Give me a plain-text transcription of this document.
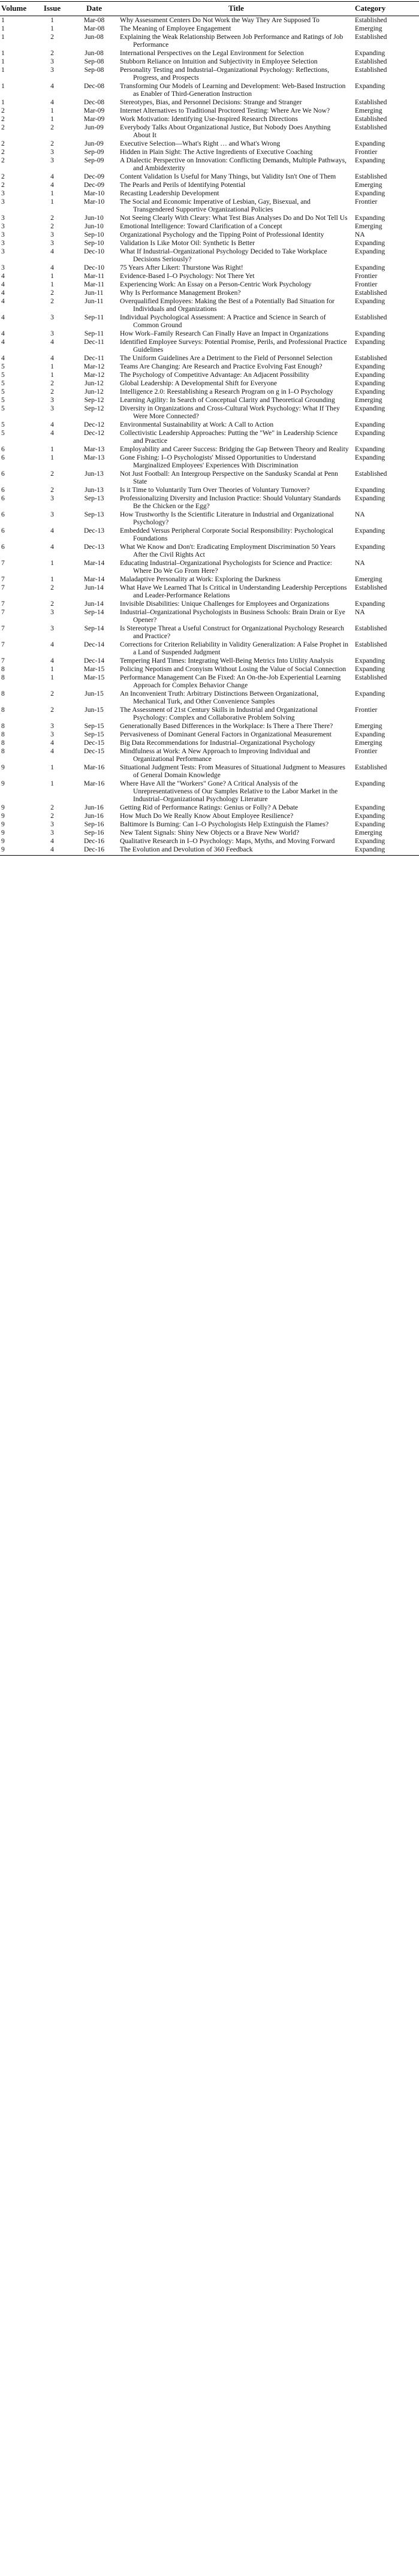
Volume	Issue	Date	Title	Category
1	1	Mar-08	Why Assessment Centers Do Not Work the Way They Are Supposed To	Established
1	1	Mar-08	The Meaning of Employee Engagement	Emerging
1	2	Jun-08	Explaining the Weak Relationship Between Job Performance and Ratings of Job Performance	Established
1	2	Jun-08	International Perspectives on the Legal Environment for Selection	Expanding
1	3	Sep-08	Stubborn Reliance on Intuition and Subjectivity in Employee Selection	Established
1	3	Sep-08	Personality Testing and Industrial–Organizational Psychology: Reflections, Progress, and Prospects	Established
1	4	Dec-08	Transforming Our Models of Learning and Development: Web-Based Instruction as Enabler of Third-Generation Instruction	Expanding
1	4	Dec-08	Stereotypes, Bias, and Personnel Decisions: Strange and Stranger	Established
2	1	Mar-09	Internet Alternatives to Traditional Proctored Testing: Where Are We Now?	Emerging
2	1	Mar-09	Work Motivation: Identifying Use-Inspired Research Directions	Established
2	2	Jun-09	Everybody Talks About Organizational Justice, But Nobody Does Anything About It	Established
2	2	Jun-09	Executive Selection—What's Right … and What's Wrong	Expanding
2	3	Sep-09	Hidden in Plain Sight: The Active Ingredients of Executive Coaching	Frontier
2	3	Sep-09	A Dialectic Perspective on Innovation: Conflicting Demands, Multiple Pathways, and Ambidexterity	Expanding
2	4	Dec-09	Content Validation Is Useful for Many Things, but Validity Isn't One of Them	Established
2	4	Dec-09	The Pearls and Perils of Identifying Potential	Emerging
3	1	Mar-10	Recasting Leadership Development	Expanding
3	1	Mar-10	The Social and Economic Imperative of Lesbian, Gay, Bisexual, and Transgendered Supportive Organizational Policies	Frontier
3	2	Jun-10	Not Seeing Clearly With Cleary: What Test Bias Analyses Do and Do Not Tell Us	Expanding
3	2	Jun-10	Emotional Intelligence: Toward Clarification of a Concept	Emerging
3	3	Sep-10	Organizational Psychology and the Tipping Point of Professional Identity	NA
3	3	Sep-10	Validation Is Like Motor Oil: Synthetic Is Better	Expanding
3	4	Dec-10	What If Industrial–Organizational Psychology Decided to Take Workplace Decisions Seriously?	Expanding
3	4	Dec-10	75 Years After Likert: Thurstone Was Right!	Expanding
4	1	Mar-11	Evidence-Based I–O Psychology: Not There Yet	Frontier
4	1	Mar-11	Experiencing Work: An Essay on a Person-Centric Work Psychology	Frontier
4	2	Jun-11	Why Is Performance Management Broken?	Established
4	2	Jun-11	Overqualified Employees: Making the Best of a Potentially Bad Situation for Individuals and Organizations	Expanding
4	3	Sep-11	Individual Psychological Assessment: A Practice and Science in Search of Common Ground	Established
4	3	Sep-11	How Work–Family Research Can Finally Have an Impact in Organizations	Expanding
4	4	Dec-11	Identified Employee Surveys: Potential Promise, Perils, and Professional Practice Guidelines	Expanding
4	4	Dec-11	The Uniform Guidelines Are a Detriment to the Field of Personnel Selection	Established
5	1	Mar-12	Teams Are Changing: Are Research and Practice Evolving Fast Enough?	Expanding
5	1	Mar-12	The Psychology of Competitive Advantage: An Adjacent Possibility	Expanding
5	2	Jun-12	Global Leadership: A Developmental Shift for Everyone	Expanding
5	2	Jun-12	Intelligence 2.0: Reestablishing a Research Program on g in I–O Psychology	Expanding
5	3	Sep-12	Learning Agility: In Search of Conceptual Clarity and Theoretical Grounding	Emerging
5	3	Sep-12	Diversity in Organizations and Cross-Cultural Work Psychology: What If They Were More Connected?	Expanding
5	4	Dec-12	Environmental Sustainability at Work: A Call to Action	Expanding
5	4	Dec-12	Collectivistic Leadership Approaches: Putting the "We" in Leadership Science and Practice	Expanding
6	1	Mar-13	Employability and Career Success: Bridging the Gap Between Theory and Reality	Expanding
6	1	Mar-13	Gone Fishing: I–O Psychologists' Missed Opportunities to Understand Marginalized Employees' Experiences With Discrimination	Expanding
6	2	Jun-13	Not Just Football: An Intergroup Perspective on the Sandusky Scandal at Penn State	Established
6	2	Jun-13	Is it Time to Voluntarily Turn Over Theories of Voluntary Turnover?	Expanding
6	3	Sep-13	Professionalizing Diversity and Inclusion Practice: Should Voluntary Standards Be the Chicken or the Egg?	Expanding
6	3	Sep-13	How Trustworthy Is the Scientific Literature in Industrial and Organizational Psychology?	NA
6	4	Dec-13	Embedded Versus Peripheral Corporate Social Responsibility: Psychological Foundations	Expanding
6	4	Dec-13	What We Know and Don't: Eradicating Employment Discrimination 50 Years After the Civil Rights Act	Expanding
7	1	Mar-14	Educating Industrial–Organizational Psychologists for Science and Practice: Where Do We Go From Here?	NA
7	1	Mar-14	Maladaptive Personality at Work: Exploring the Darkness	Emerging
7	2	Jun-14	What Have We Learned That Is Critical in Understanding Leadership Perceptions and Leader-Performance Relations	Established
7	2	Jun-14	Invisible Disabilities: Unique Challenges for Employees and Organizations	Expanding
7	3	Sep-14	Industrial–Organizational Psychologists in Business Schools: Brain Drain or Eye Opener?	NA
7	3	Sep-14	Is Stereotype Threat a Useful Construct for Organizational Psychology Research and Practice?	Established
7	4	Dec-14	Corrections for Criterion Reliability in Validity Generalization: A False Prophet in a Land of Suspended Judgment	Established
7	4	Dec-14	Tempering Hard Times: Integrating Well-Being Metrics Into Utility Analysis	Expanding
8	1	Mar-15	Policing Nepotism and Cronyism Without Losing the Value of Social Connection	Expanding
8	1	Mar-15	Performance Management Can Be Fixed: An On-the-Job Experiential Learning Approach for Complex Behavior Change	Established
8	2	Jun-15	An Inconvenient Truth: Arbitrary Distinctions Between Organizational, Mechanical Turk, and Other Convenience Samples	Expanding
8	2	Jun-15	The Assessment of 21st Century Skills in Industrial and Organizational Psychology: Complex and Collaborative Problem Solving	Frontier
8	3	Sep-15	Generationally Based Differences in the Workplace: Is There a There There?	Emerging
8	3	Sep-15	Pervasiveness of Dominant General Factors in Organizational Measurement	Expanding
8	4	Dec-15	Big Data Recommendations for Industrial–Organizational Psychology	Emerging
8	4	Dec-15	Mindfulness at Work: A New Approach to Improving Individual and Organizational Performance	Frontier
9	1	Mar-16	Situational Judgment Tests: From Measures of Situational Judgment to Measures of General Domain Knowledge	Established
9	1	Mar-16	Where Have All the "Workers" Gone? A Critical Analysis of the Unrepresentativeness of Our Samples Relative to the Labor Market in the Industrial–Organizational Psychology Literature	Expanding
9	2	Jun-16	Getting Rid of Performance Ratings: Genius or Folly? A Debate	Expanding
9	2	Jun-16	How Much Do We Really Know About Employee Resilience?	Expanding
9	3	Sep-16	Baltimore Is Burning: Can I–O Psychologists Help Extinguish the Flames?	Expanding
9	3	Sep-16	New Talent Signals: Shiny New Objects or a Brave New World?	Emerging
9	4	Dec-16	Qualitative Research in I–O Psychology: Maps, Myths, and Moving Forward	Expanding
9	4	Dec-16	The Evolution and Devolution of 360 Feedback	Expanding
